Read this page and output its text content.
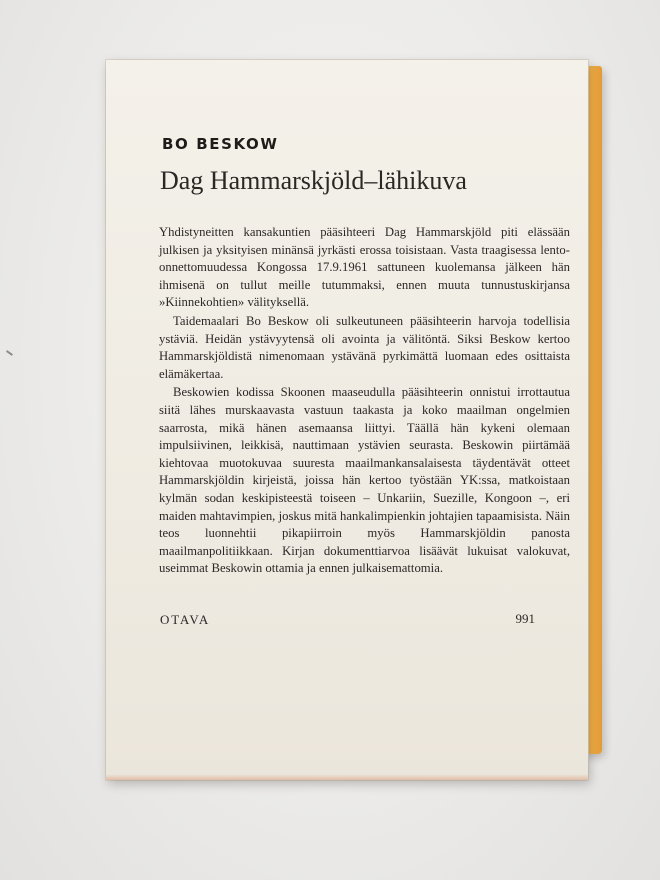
BO BESKOW
Dag Hammarskjöld–lähikuva

Yhdistyneitten kansakuntien pääsihteeri Dag Hammarskjöld piti elässään julkisen ja yksityisen minänsä jyrkästi erossa toisistaan. Vasta traagisessa lento-onnettomuudessa Kongossa 17.9.1961 sattuneen kuolemansa jälkeen hän ihmisenä on tullut meille tutummaksi, ennen muuta tunnustuskirjansa »Kiinnekohtien» välityksellä.

Taidemaalari Bo Beskow oli sulkeutuneen pääsihteerin harvoja todellisia ystäviä. Heidän ystävyytensä oli avointa ja välitöntä. Siksi Beskow kertoo Hammarskjöldistä nimenomaan ystävänä pyrkimättä luomaan edes osittaista elämäkertaa.

Beskowien kodissa Skoonen maaseudulla pääsihteerin onnistui irrottautua siitä lähes murskaavasta vastuun taakasta ja koko maailman ongelmien saarrosta, mikä hänen asemaansa liittyi. Täällä hän kykeni olemaan impulsiivinen, leikkisä, nauttimaan ystävien seurasta. Beskowin piirtämää kiehtovaa muotokuvaa suuresta maailmankansalaisesta täydentävät otteet Hammarskjöldin kirjeistä, joissa hän kertoo työstään YK:ssa, matkoistaan kylmän sodan keskipisteestä toiseen – Unkariin, Suezille, Kongoon –, eri maiden mahtavimpien, joskus mitä hankalimpienkin johtajien tapaamisista. Näin teos luonnehtii pikapiirroin myös Hammarskjöldin panosta maailmanpolitiikkaan. Kirjan dokumenttiarvoa lisäävät lukuisat valokuvat, useimmat Beskowin ottamia ja ennen julkaisemattomia.

OTAVA	991
